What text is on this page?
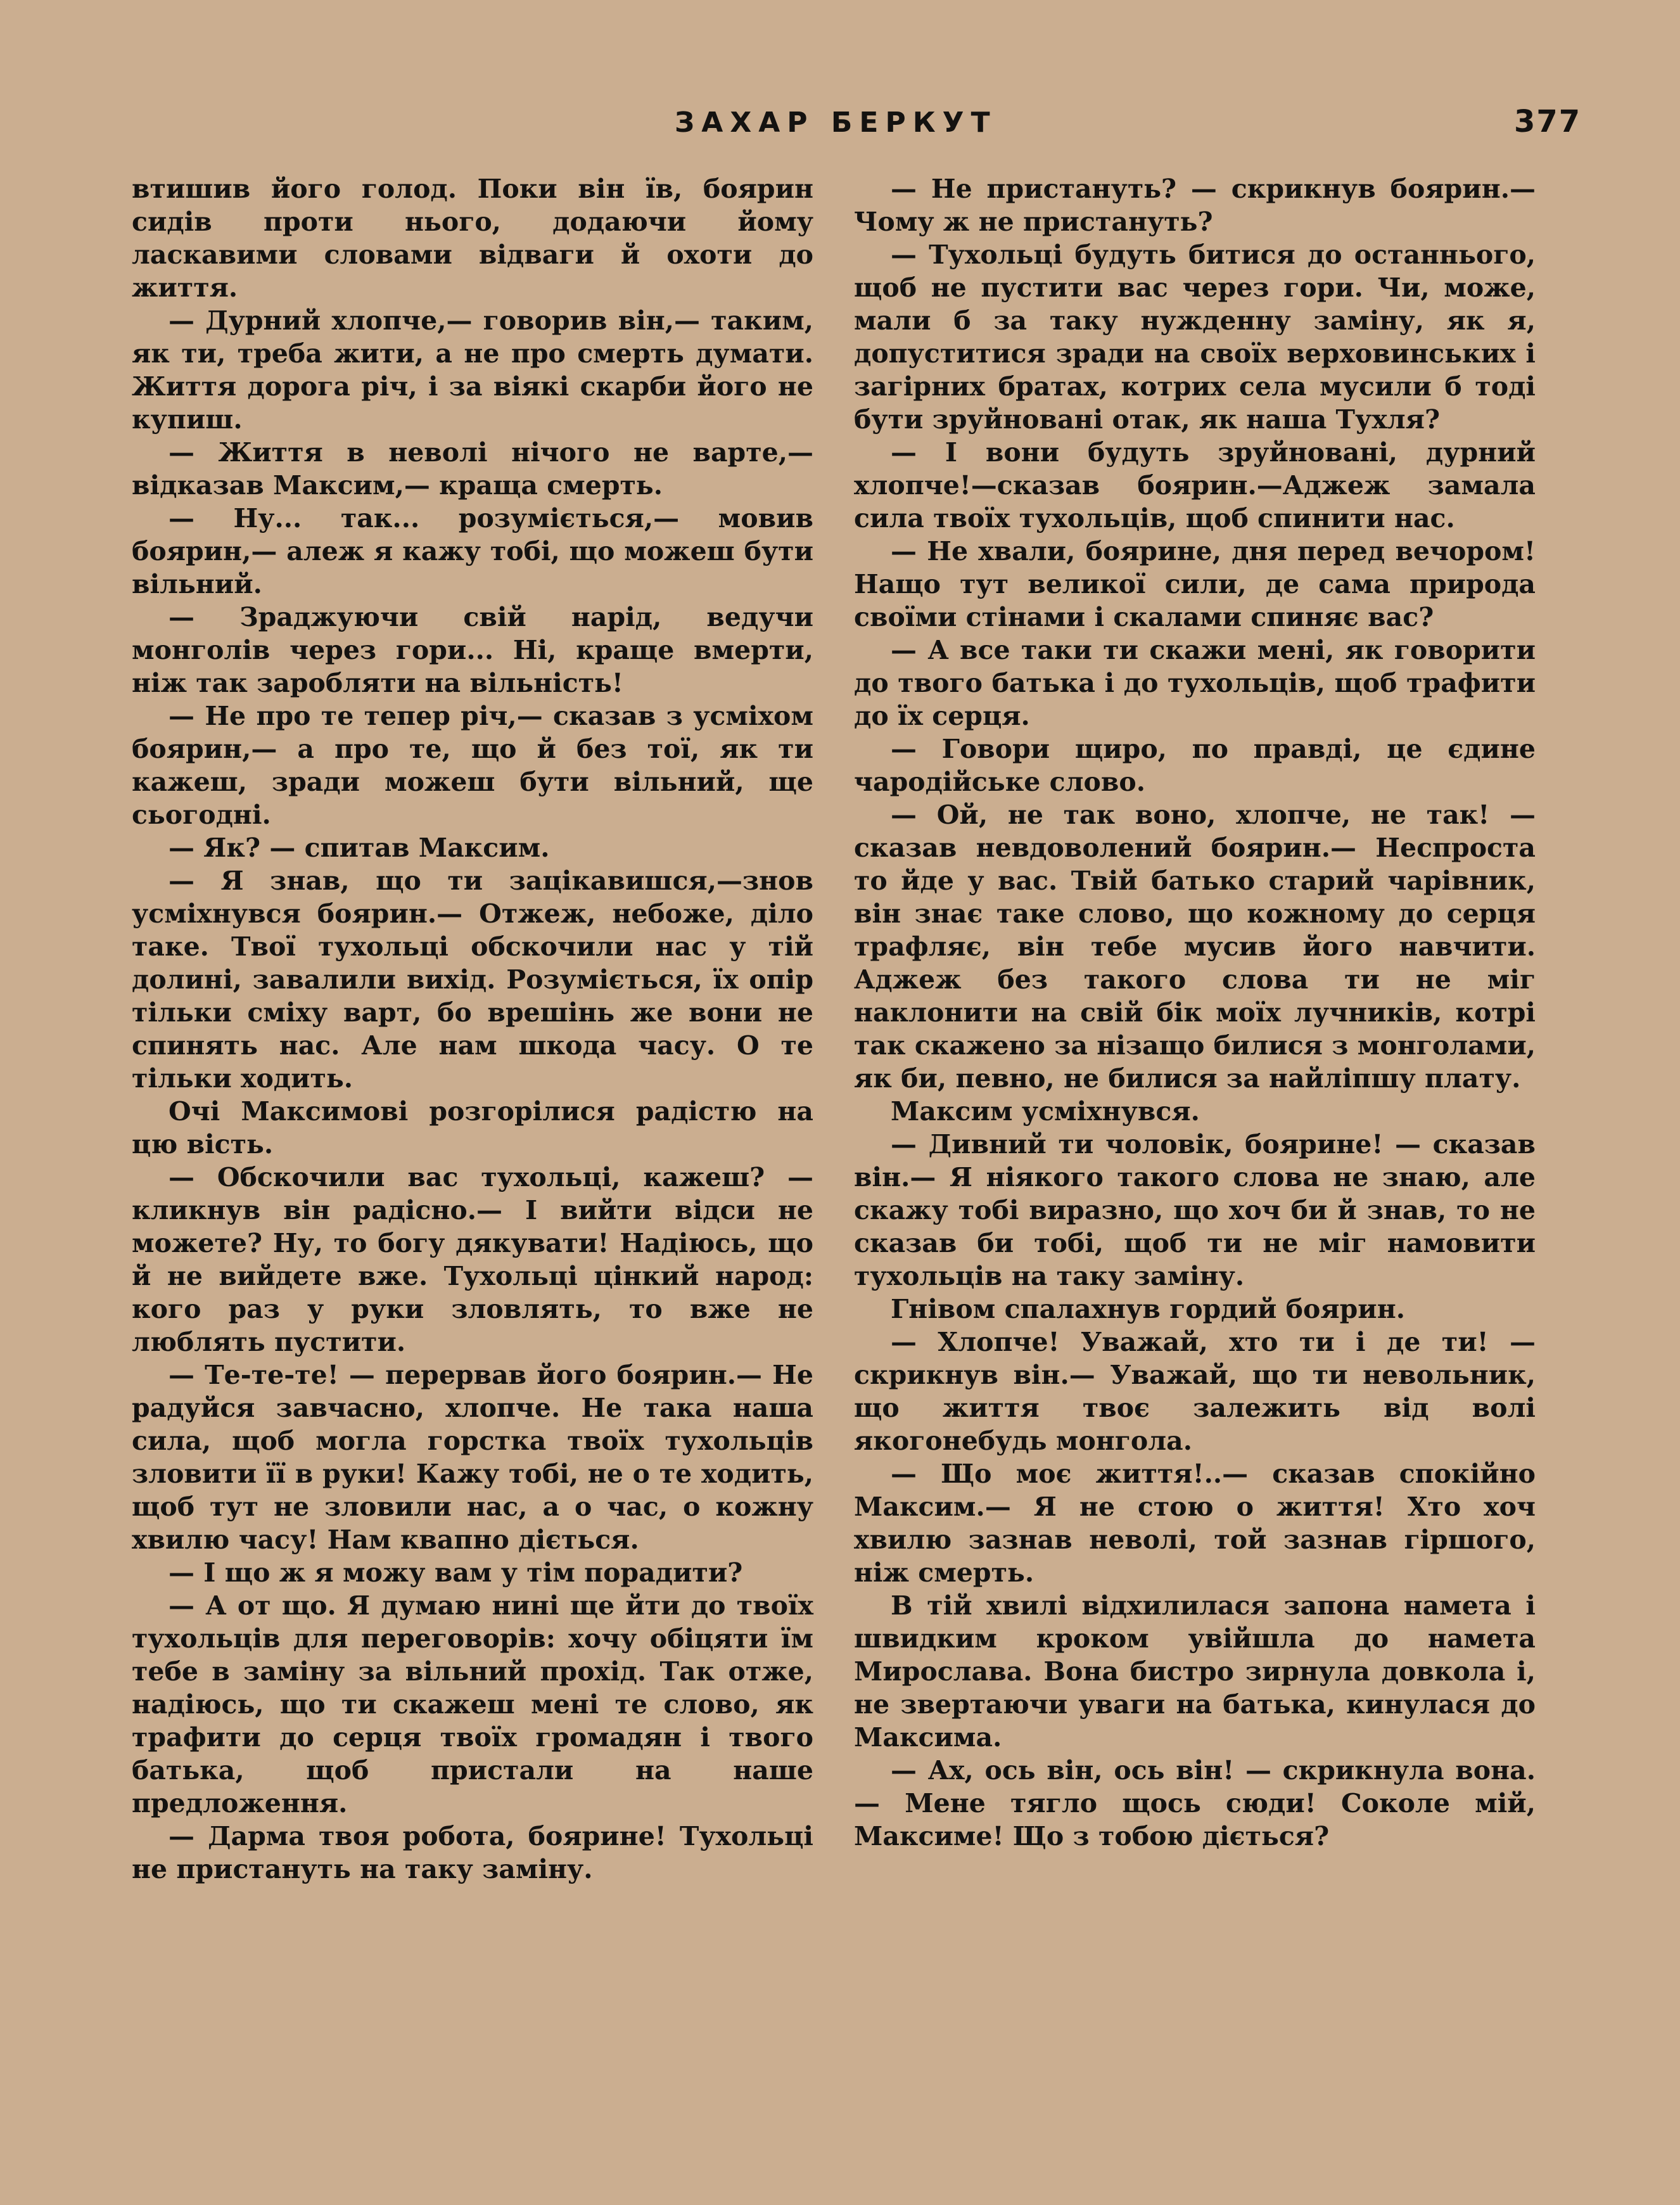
ЗАХАР БЕРКУТ	377

втишив його голод. Поки він їв, боярин сидів проти нього, додаючи йому ласкавими словами відваги й охоти до життя.

— Дурний хлопче,— говорив він,— таким, як ти, треба жити, а не про смерть думати. Життя дорога річ, і за віякі скарби його не купиш.

— Життя в неволі нічого не варте,— відказав Максим,— краща смерть.

— Ну... так... розуміється,— мовив боярин,— алеж я кажу тобі, що можеш бути вільний.

— Зраджуючи свій нарід, ведучи монголів через гори... Ні, краще вмерти, ніж так заробляти на вільність!

— Не про те тепер річ,— сказав з усміхом боярин,— а про те, що й без тої, як ти кажеш, зради можеш бути вільний, ще сьогодні.

— Як? — спитав Максим.

— Я знав, що ти зацікавишся,—знов усміхнувся боярин.— Отжеж, небоже, діло таке. Твої тухольці обскочили нас у тій долині, завалили вихід. Розуміється, їх опір тільки сміху варт, бо врешінь же вони не спинять нас. Але нам шкода часу. О те тільки ходить.

Очі Максимові розгорілися радістю на цю вість.

— Обскочили вас тухольці, кажеш? — кликнув він радісно.— І вийти відси не можете? Ну, то богу дякувати! Надіюсь, що й не вийдете вже. Тухольці цінкий народ: кого раз у руки зловлять, то вже не люблять пустити.

— Те-те-те! — перервав його боярин.— Не радуйся завчасно, хлопче. Не така наша сила, щоб могла горстка твоїх тухольців зловити її в руки! Кажу тобі, не о те ходить, щоб тут не зловили нас, а о час, о кожну хвилю часу! Нам квапно діється.

— І що ж я можу вам у тім порадити?

— А от що. Я думаю нині ще йти до твоїх тухольців для переговорів: хочу обіцяти їм тебе в заміну за вільний прохід. Так отже, надіюсь, що ти скажеш мені те слово, як трафити до серця твоїх громадян і твого батька, щоб пристали на наше предложення.

— Дарма твоя робота, боярине! Тухольці не пристануть на таку заміну.

— Не пристануть? — скрикнув боярин.— Чому ж не пристануть?

— Тухольці будуть битися до останнього, щоб не пустити вас через гори. Чи, може, мали б за таку нужденну заміну, як я, допуститися зради на своїх верховинських і загірних братах, котрих села мусили б тоді бути зруйновані отак, як наша Тухля?

— І вони будуть зруйновані, дурний хлопче!—сказав боярин.—Аджеж замала сила твоїх тухольців, щоб спинити нас.

— Не хвали, боярине, дня перед вечором! Нащо тут великої сили, де сама природа своїми стінами і скалами спиняє вас?

— А все таки ти скажи мені, як говорити до твого батька і до тухольців, щоб трафити до їх серця.

— Говори щиро, по правді, це єдине чародійське слово.

— Ой, не так воно, хлопче, не так! — сказав невдоволений боярин.— Неспроста то йде у вас. Твій батько старий чарівник, він знає таке слово, що кожному до серця трафляє, він тебе мусив його навчити. Аджеж без такого слова ти не міг наклонити на свій бік моїх лучників, котрі так скажено за нізащо билися з монголами, як би, певно, не билися за найліпшу плату.

Максим усміхнувся.

— Дивний ти чоловік, боярине! — сказав він.— Я ніякого такого слова не знаю, але скажу тобі виразно, що хоч би й знав, то не сказав би тобі, щоб ти не міг намовити тухольців на таку заміну.

Гнівом спалахнув гордий боярин.

— Хлопче! Уважай, хто ти і де ти! — скрикнув він.— Уважай, що ти невольник, що життя твоє залежить від волі якогонебудь монгола.

— Що моє життя!..— сказав спокійно Максим.— Я не стою о життя! Хто хоч хвилю зазнав неволі, той зазнав гіршого, ніж смерть.

В тій хвилі відхилилася запона намета і швидким кроком увійшла до намета Мирослава. Вона бистро зирнула довкола і, не звертаючи уваги на батька, кинулася до Максима.

— Ах, ось він, ось він! — скрикнула вона.— Мене тягло щось сюди! Соколе мій, Максиме! Що з тобою діється?
